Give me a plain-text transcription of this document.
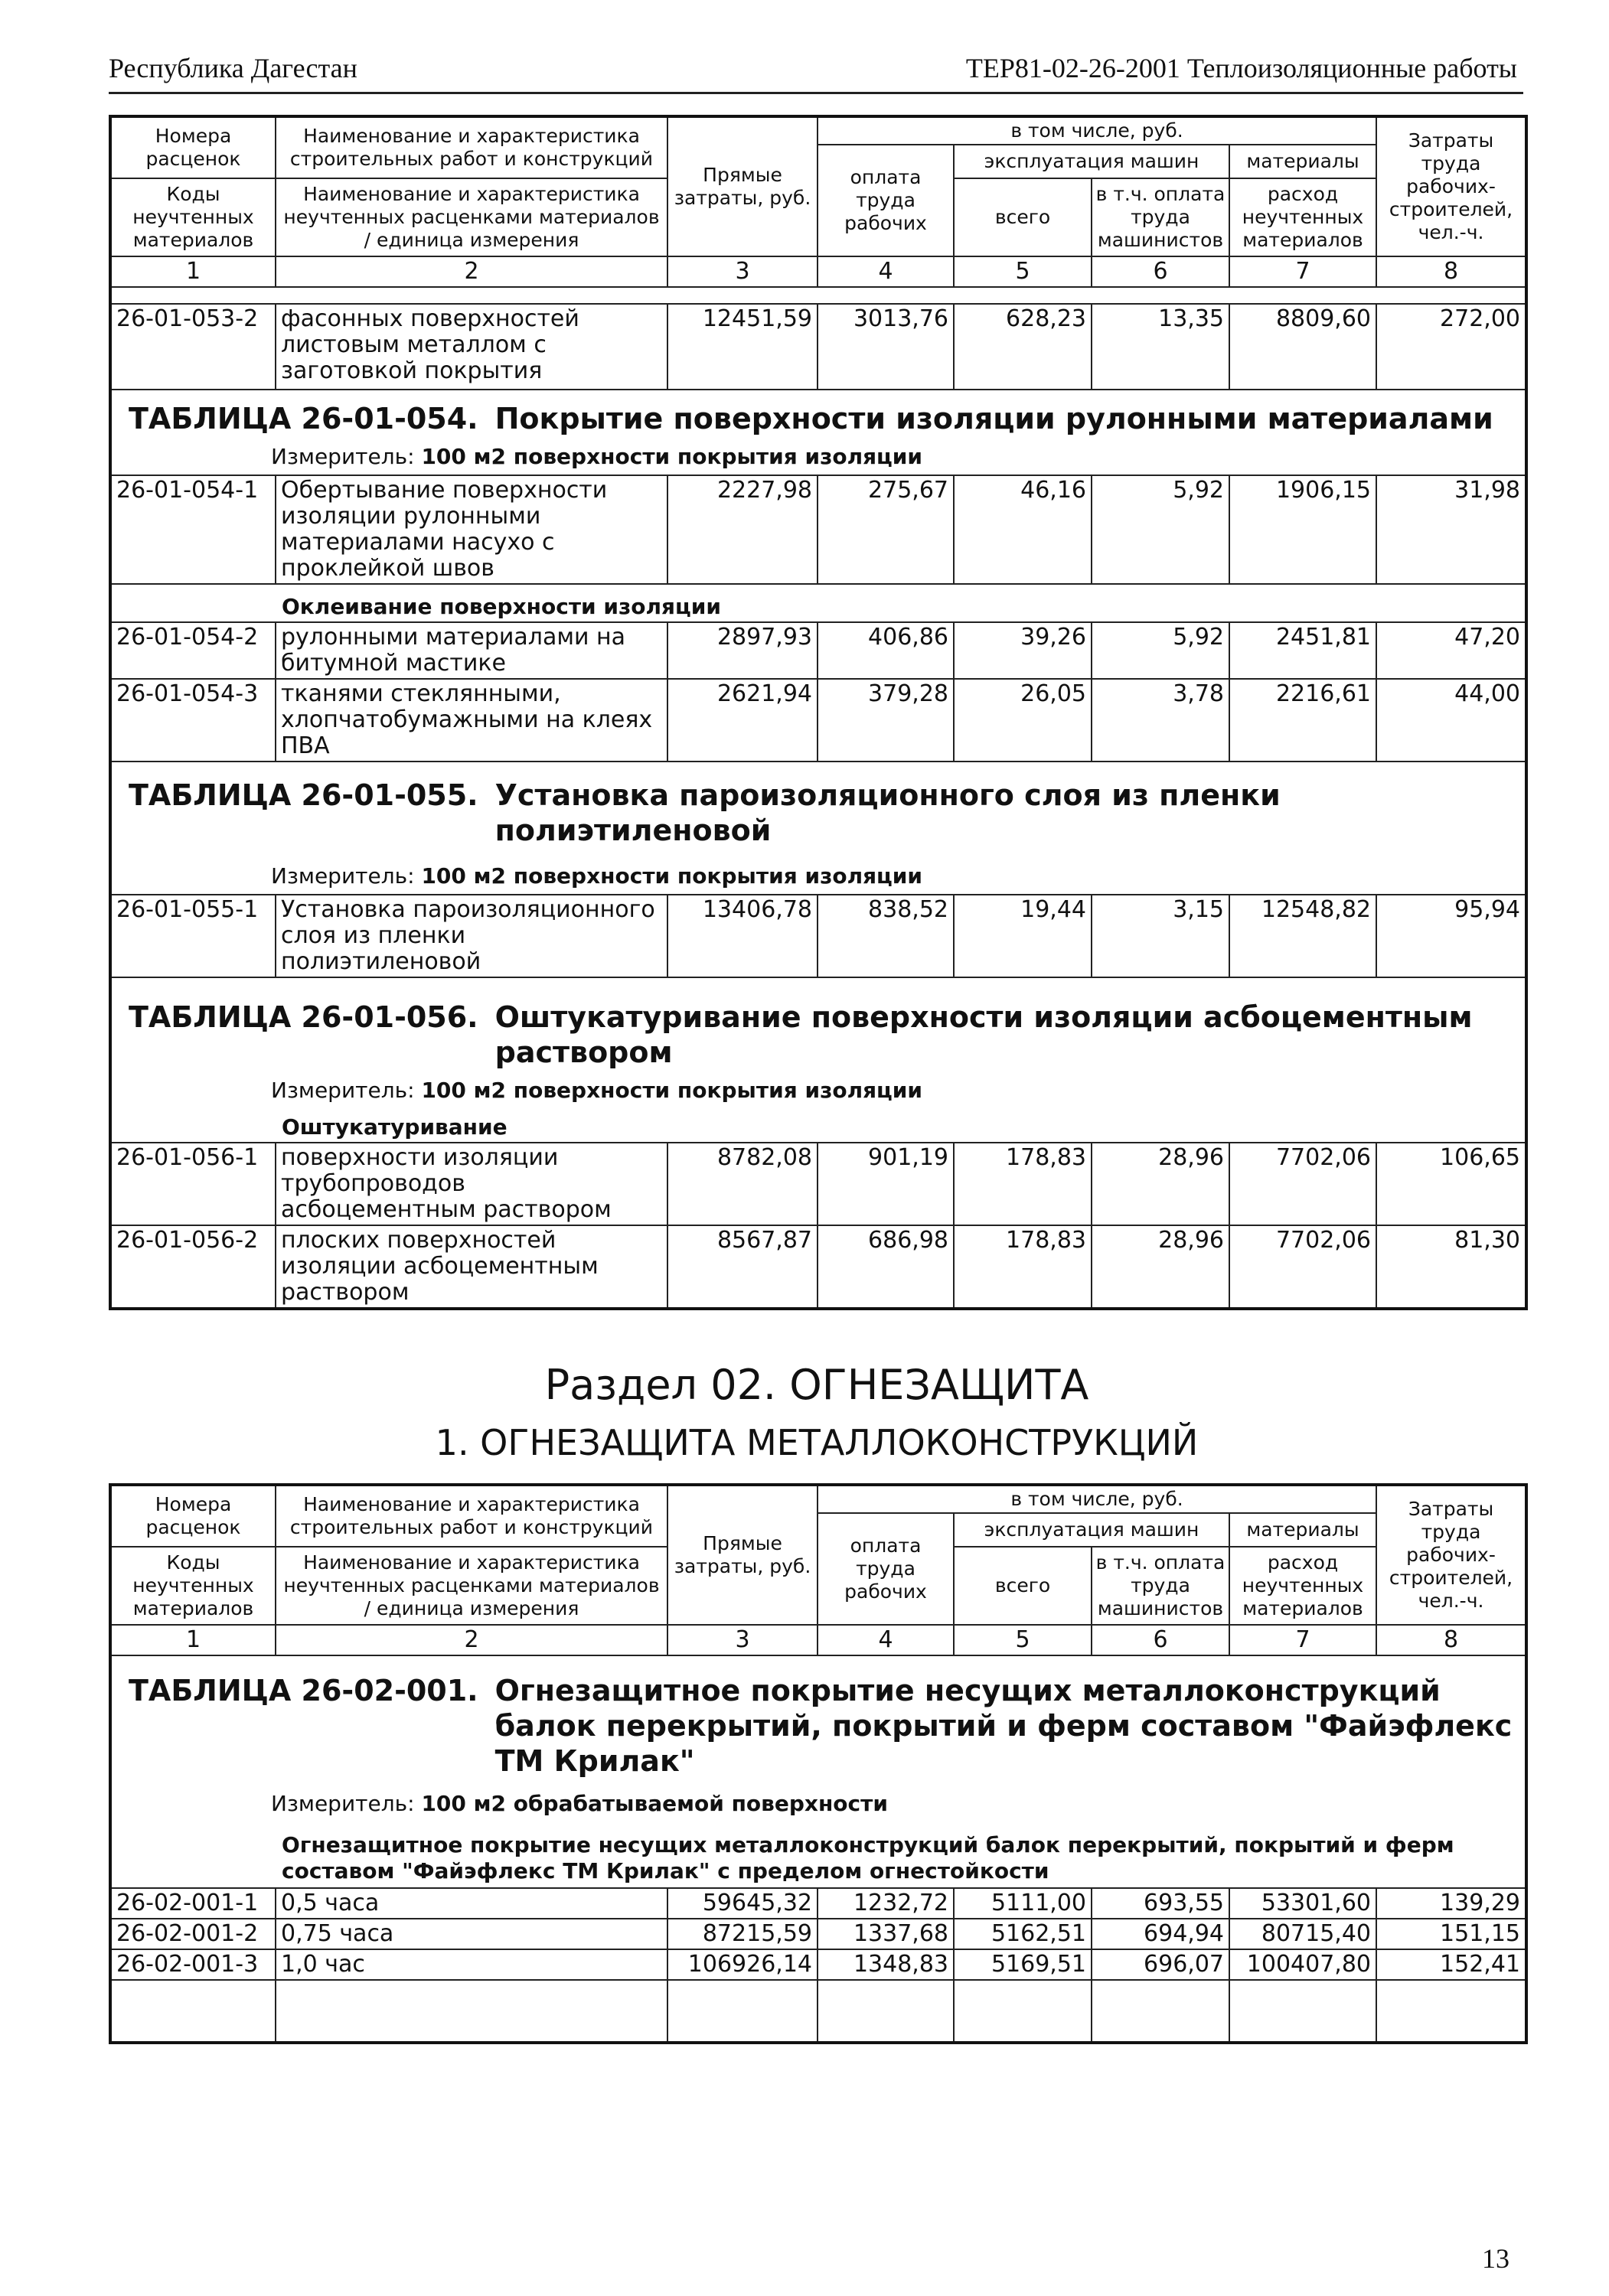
Республика Дагестан	ТЕР81-02-26-2001 Теплоизоляционные работы
Номера расценок	Наименование и характеристика строительных работ и конструкций	Прямые затраты, руб.	в том числе, руб.				Затраты труда рабочих-строителей, чел.-ч.
			оплата труда рабочих	эксплуатация машин		материалы	
Коды неучтенных материалов	Наименование и характеристика неучтенных расценками материалов / единица измерения			всего	в т.ч. оплата труда машинистов	расход неучтенных материалов	

1	2	3	4	5	6	7	8

26-01-053-2	фасонных поверхностей листовым металлом с заготовкой покрытия	12451,59	3013,76	628,23	13,35	8809,60	272,00

ТАБЛИЦА 26-01-054. Покрытие поверхности изоляции рулонными материалами
Измеритель: 100 м2 поверхности покрытия изоляции							

26-01-054-1	Обертывание поверхности изоляции рулонными материалами насухо с проклейкой швов	2227,98	275,67	46,16	5,92	1906,15	31,98

Оклеивание поверхности изоляции							

26-01-054-2	рулонными материалами на битумной мастике	2897,93	406,86	39,26	5,92	2451,81	47,20
26-01-054-3	тканями стеклянными, хлопчатобумажными на клеях ПВА	2621,94	379,28	26,05	3,78	2216,61	44,00

ТАБЛИЦА 26-01-055. Установка пароизоляционного слоя из пленки полиэтиленовой
Измеритель: 100 м2 поверхности покрытия изоляции							

26-01-055-1	Установка пароизоляционного слоя из пленки полиэтиленовой	13406,78	838,52	19,44	3,15	12548,82	95,94

ТАБЛИЦА 26-01-056. Оштукатуривание поверхности изоляции асбоцементным раствором
Измеритель: 100 м2 поверхности покрытия изоляции
Оштукатуривание							

26-01-056-1	поверхности изоляции трубопроводов асбоцементным раствором	8782,08	901,19	178,83	28,96	7702,06	106,65
26-01-056-2	плоских поверхностей изоляции асбоцементным раствором	8567,87	686,98	178,83	28,96	7702,06	81,30
Раздел 02. ОГНЕЗАЩИТА
1. ОГНЕЗАЩИТА МЕТАЛЛОКОНСТРУКЦИЙ
Номера расценок	Наименование и характеристика строительных работ и конструкций	Прямые затраты, руб.	в том числе, руб.				Затраты труда рабочих-строителей, чел.-ч.
			оплата труда рабочих	эксплуатация машин		материалы	
Коды неучтенных материалов	Наименование и характеристика неучтенных расценками материалов / единица измерения			всего	в т.ч. оплата труда машинистов	расход неучтенных материалов	

1	2	3	4	5	6	7	8

ТАБЛИЦА 26-02-001. Огнезащитное покрытие несущих металлоконструкций балок перекрытий, покрытий и ферм составом "Файэфлекс ТМ Крилак"
Измеритель: 100 м2 обрабатываемой поверхности
Огнезащитное покрытие несущих металлоконструкций балок перекрытий, покрытий и ферм составом "Файэфлекс ТМ Крилак" с пределом огнестойкости							

26-02-001-1	0,5 часа	59645,32	1232,72	5111,00	693,55	53301,60	139,29
26-02-001-2	0,75 часа	87215,59	1337,68	5162,51	694,94	80715,40	151,15
26-02-001-3	1,0 час	106926,14	1348,83	5169,51	696,07	100407,80	152,41

13
